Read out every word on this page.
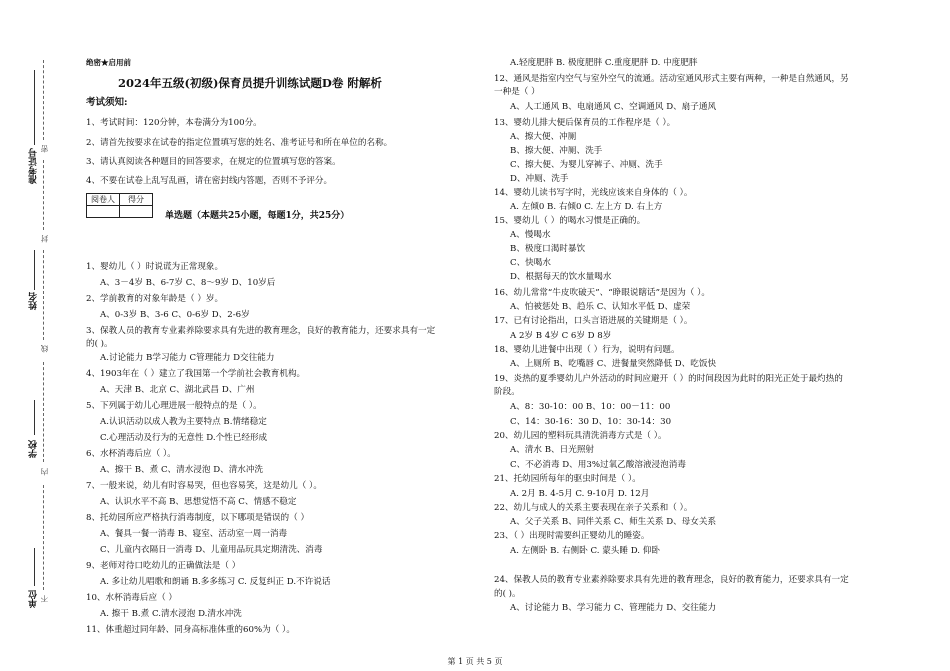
准考证号
姓名
学校
单位
密
封
线
内
不
绝密★启用前
2024年五级(初级)保育员提升训练试题D卷 附解析
考试须知:
1、考试时间：120分钟，本卷满分为100分。
2、请首先按要求在试卷的指定位置填写您的姓名、准考证号和所在单位的名称。
3、请认真阅读各种题目的回答要求，在规定的位置填写您的答案。
4、不要在试卷上乱写乱画，请在密封线内答题，否则不予评分。
阅卷人	得分

单选题（本题共25小题，每题1分，共25分）
1、婴幼儿（ ）时说谎为正常现象。
A、3－4岁 B、6-7岁 C、8～9岁 D、10岁后
2、学前教育的对象年龄是（ ）岁。
A、0-3岁 B、3-6 C、0-6岁 D、2-6岁
3、保教人员的教育专业素养除要求具有先进的教育理念，良好的教育能力，还要求具有一定
的( )。
A.讨论能力 B学习能力 C管理能力 D交往能力
4、1903年在（ ）建立了我国第一个学前社会教育机构。
A、天津 B、北京 C、湖北武昌 D、广州
5、下列属于幼儿心理进展一般特点的是（ ）。
A.认识活动以成人教为主要特点 B.情绪稳定
C.心理活动及行为的无意性 D.个性已经形成
6、水杯消毒后应（ ）。
A、擦干 B、煮 C、清水浸泡 D、清水冲洗
7、一般来说，幼儿有时容易哭，但也容易笑，这是幼儿（ ）。
A、认识水平不高 B、思想觉悟不高 C、情感不稳定
8、托幼园所应严格执行消毒制度，以下哪项是错误的（ ）
A、餐具一餐一消毒 B、寝室、活动室一周一消毒
C、儿童内衣隔日一消毒 D、儿童用品玩具定期清洗、消毒
9、老师对待口吃幼儿的正确做法是（ ）
A. 多让幼儿唱歌和朗诵 B.多多练习 C. 反复纠正 D.不许说话
10、水杯消毒后应（ ）
A. 擦干 B.煮 C.清水浸泡 D.清水冲洗
11、体重超过同年龄、同身高标准体重的60%为（ ）。
A.轻度肥胖 B. 极度肥胖 C.重度肥胖 D. 中度肥胖
12、通风是指室内空气与室外空气的流通。活动室通风形式主要有两种，一种是自然通风，另
一种是（ ）
A、人工通风 B、电扇通风 C、空调通风 D、扇子通风
13、婴幼儿排大便后保育员的工作程序是（ ）。
A、擦大便、冲厕
B、擦大便、冲厕、洗手
C、擦大便、为婴儿穿裤子、冲厕、洗手
D、冲厕、洗手
14、婴幼儿读书写字时，光线应该来自身体的（ ）。
A. 左倾0 B. 右倾0 C. 左上方 D. 右上方
15、婴幼儿（ ）的喝水习惯是正确的。
A、慢喝水
B、极度口渴时暴饮
C、快喝水
D、根据每天的饮水量喝水
16、幼儿常常“牛皮吹破天”、“睁眼说瞎话”是因为（ ）。
A、怕被惩处 B、趋乐 C、认知水平低 D、虚荣
17、已有讨论指出，口头言语进展的关键期是（ ）。
A 2岁 B 4岁 C 6岁 D 8岁
18、婴幼儿进餐中出现（ ）行为，说明有问题。
A、上厕所 B、吃嘴唇 C、进餐量突然降低 D、吃饭快
19、炎热的夏季婴幼儿户外活动的时间应避开（ ）的时间段因为此时的阳光正处于最灼热的
阶段。
A、8：30-10：00 B、10：00－11：00
C、14：30-16：30 D、10：30-14：30
20、幼儿园的塑料玩具清洗消毒方式是（ ）。
A、清水 B、日光照射
C、不必消毒 D、用3%过氧乙酸溶液浸泡消毒
21、托幼园所每年的驱虫时间是（ ）。
A. 2月 B. 4-5月 C. 9-10月 D. 12月
22、幼儿与成人的关系主要表现在亲子关系和（ ）。
A、父子关系 B、同伴关系 C、师生关系 D、母女关系
23、（ ）出现时需要纠正婴幼儿的睡姿。
A. 左侧卧 B. 右侧卧 C. 蒙头睡 D. 仰卧
24、保教人员的教育专业素养除要求具有先进的教育理念，良好的教育能力，还要求具有一定
的( )。
A、讨论能力 B、学习能力 C、管理能力 D、交往能力
第 1 页 共 5 页
